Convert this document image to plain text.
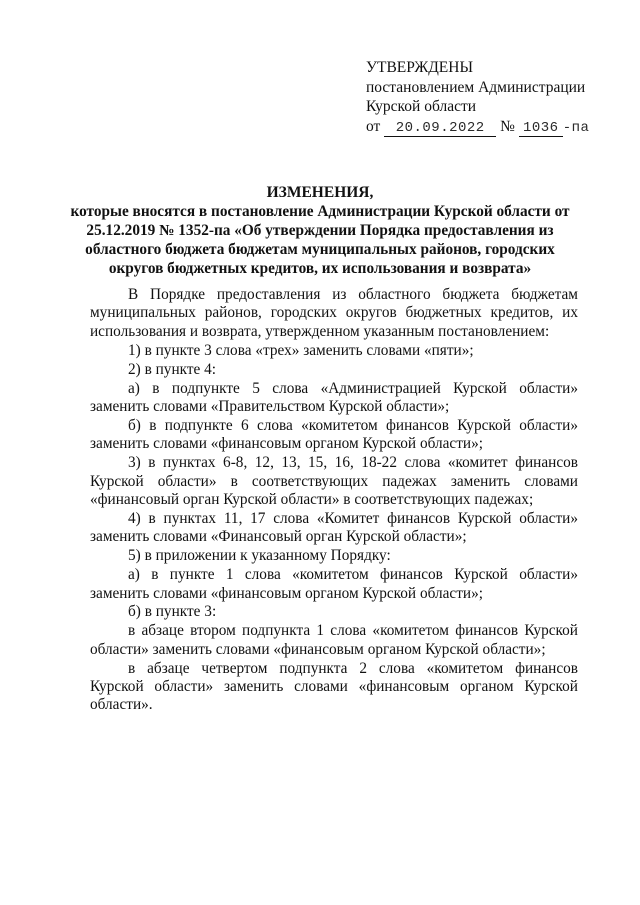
УТВЕРЖДЕНЫ
постановлением Администрации
Курской области
от 20.09.2022 № 1036 -па
ИЗМЕНЕНИЯ,
которые вносятся в постановление Администрации Курской области от 25.12.2019 № 1352-па «Об утверждении Порядка предоставления из областного бюджета бюджетам муниципальных районов, городских округов бюджетных кредитов, их использования и возврата»

В Порядке предоставления из областного бюджета бюджетам муниципальных районов, городских округов бюджетных кредитов, их использования и возврата, утвержденном указанным постановлением:

1) в пункте 3 слова «трех» заменить словами «пяти»;

2) в пункте 4:

а) в подпункте 5 слова «Администрацией Курской области» заменить словами «Правительством Курской области»;

б) в подпункте 6 слова «комитетом финансов Курской области» заменить словами «финансовым органом Курской области»;

3) в пунктах 6-8, 12, 13, 15, 16, 18-22 слова «комитет финансов Курской области» в соответствующих падежах заменить словами «финансовый орган Курской области» в соответствующих падежах;

4) в пунктах 11, 17 слова «Комитет финансов Курской области» заменить словами «Финансовый орган Курской области»;

5) в приложении к указанному Порядку:

а) в пункте 1 слова «комитетом финансов Курской области» заменить словами «финансовым органом Курской области»;

б) в пункте 3:

в абзаце втором подпункта 1 слова «комитетом финансов Курской области» заменить словами «финансовым органом Курской области»;

в абзаце четвертом подпункта 2 слова «комитетом финансов Курской области» заменить словами «финансовым органом Курской области».
